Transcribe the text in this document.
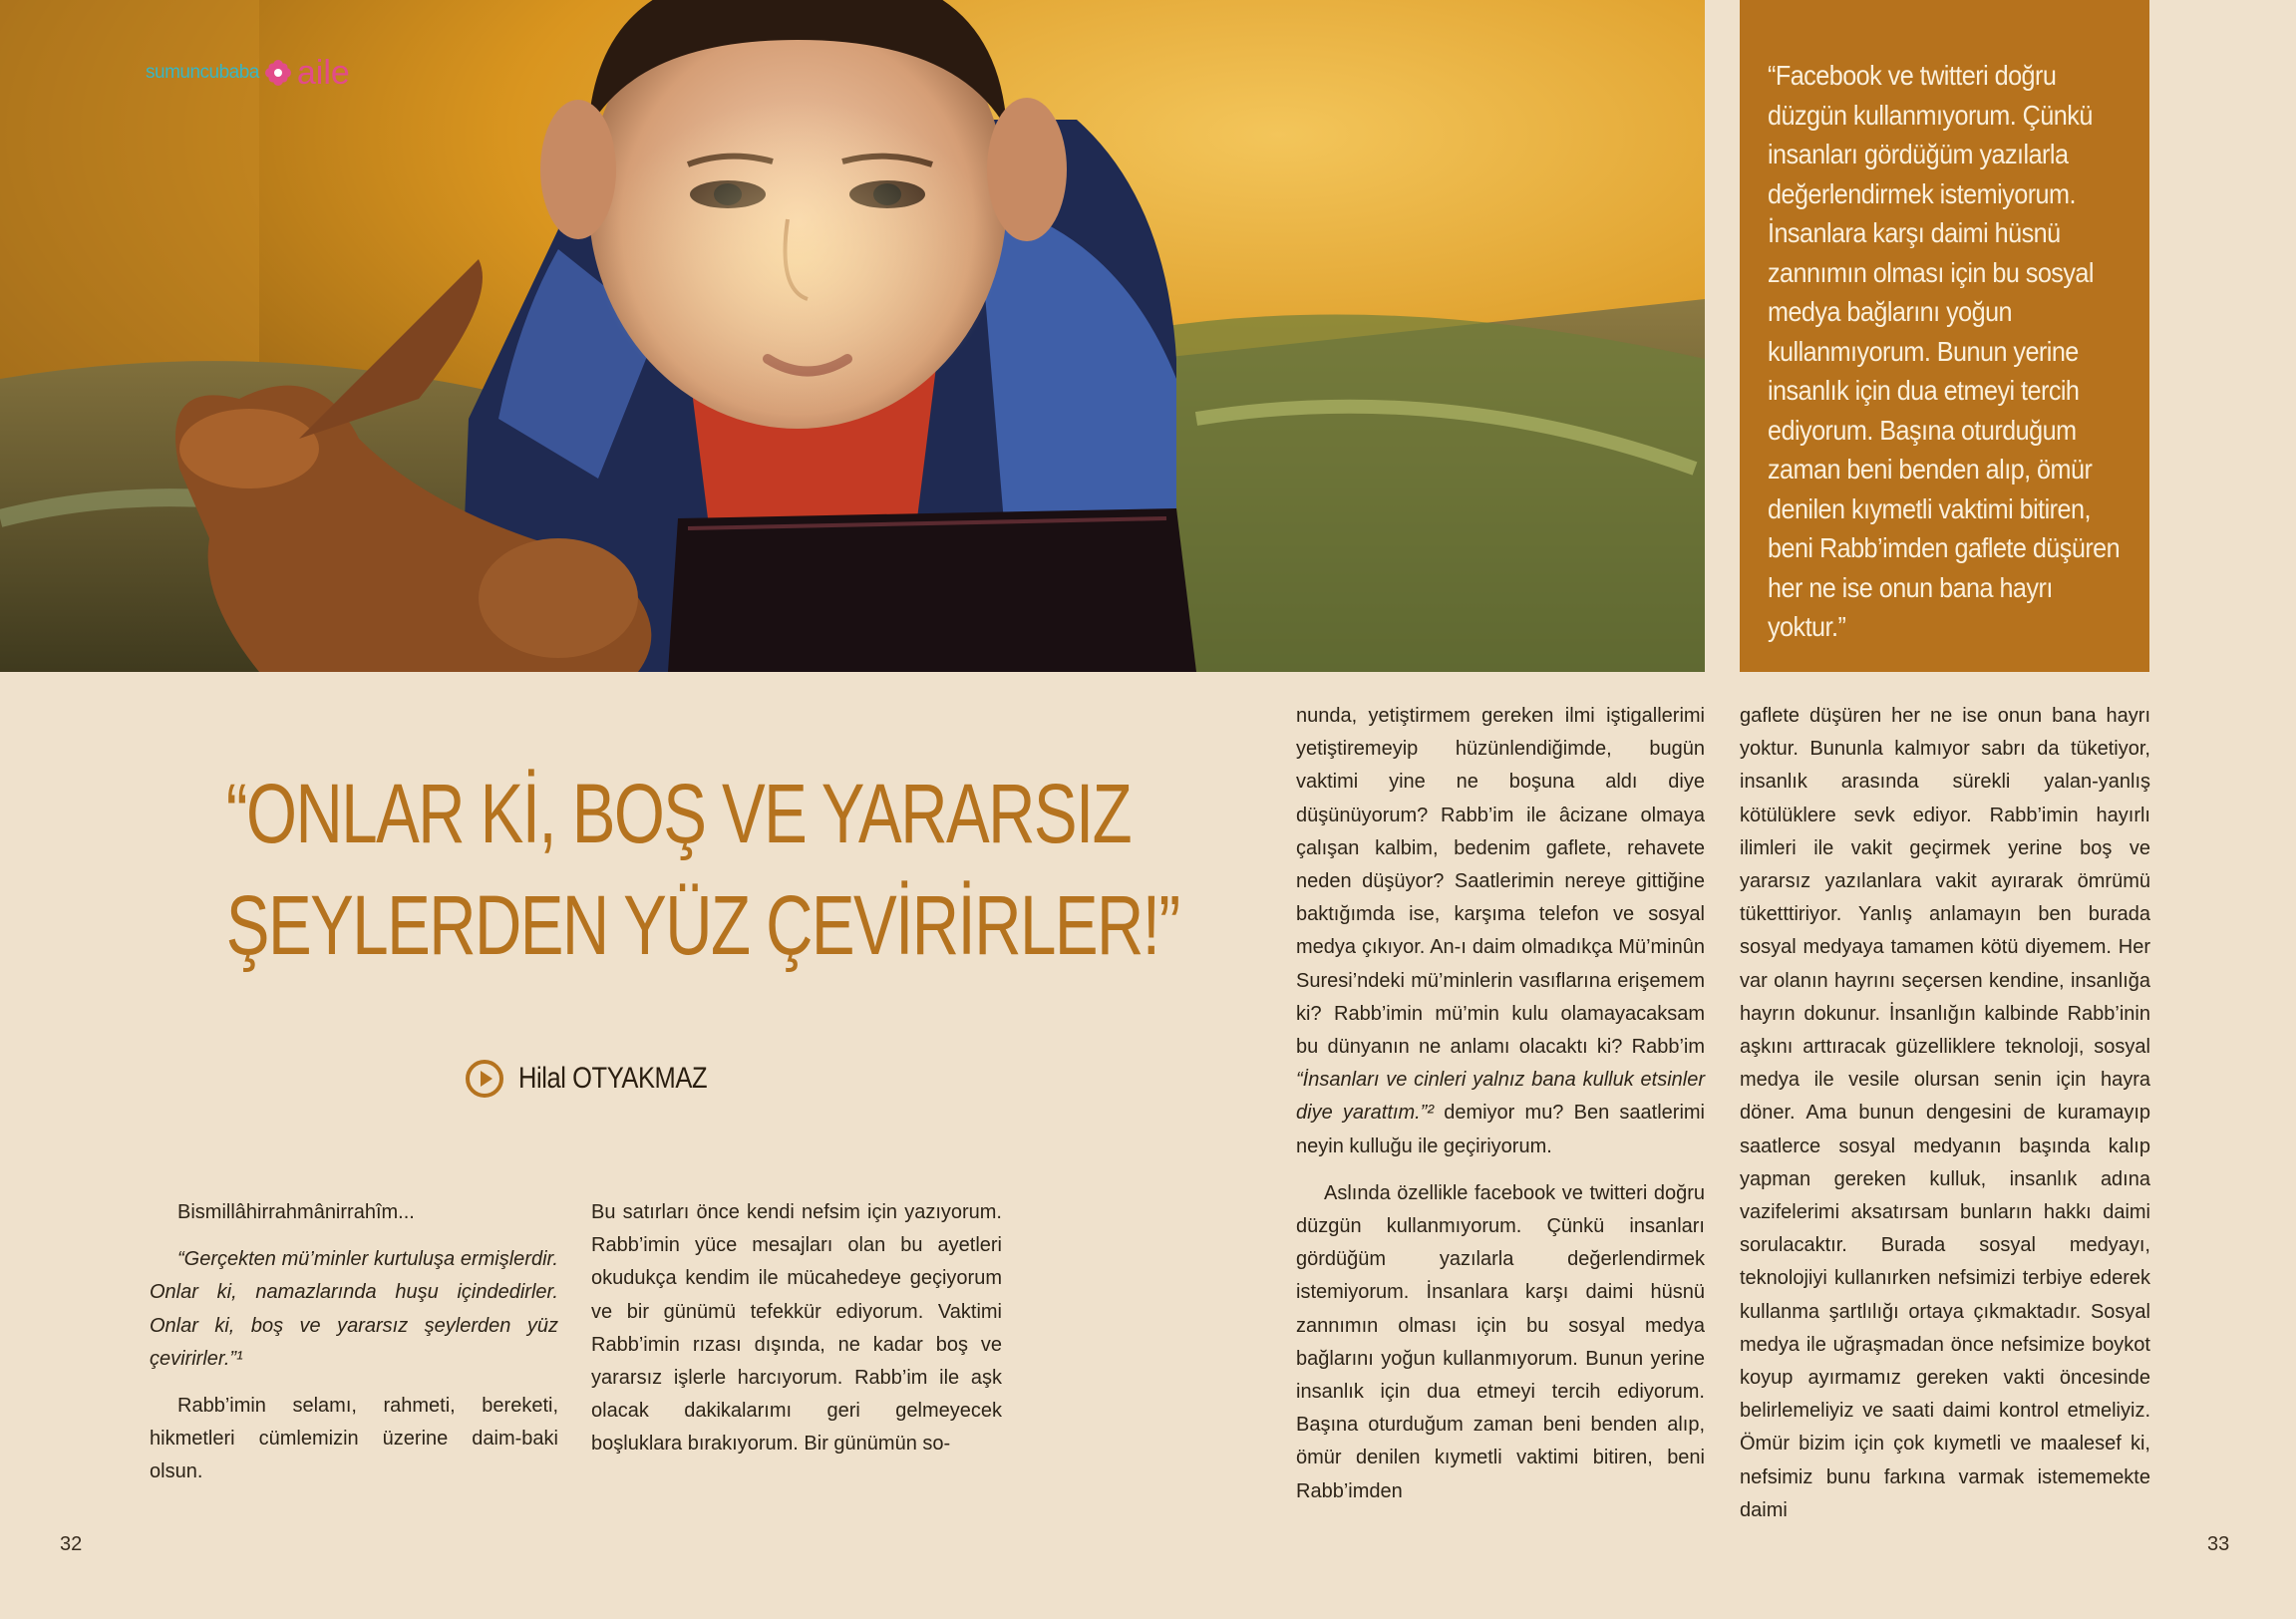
sumuncubaba aile	“Facebook ve twitteri doğru düzgün kullanmıyorum. Çünkü insanları gördüğüm yazılarla değerlendirmek istemiyorum. İnsanlara karşı daimi hüsnü zannımın olması için bu sosyal medya bağlarını yoğun kullanmıyorum. Bunun yerine insanlık için dua etmeyi tercih ediyorum. Başına oturduğum zaman beni benden alıp, ömür denilen kıymetli vaktimi bitiren, beni Rabb’imden gaflete düşüren her ne ise onun bana hayrı yoktur.”

“ONLAR Kİ, BOŞ VE YARARSIZ
ŞEYLERDEN YÜZ ÇEVİRİRLER!”
Hilal OTYAKMAZ

Bismillâhirrahmânirrahîm...

“Gerçekten mü’minler kurtuluşa ermişlerdir. Onlar ki, namazlarında huşu içindedirler. Onlar ki, boş ve yararsız şeylerden yüz çevirirler.”¹

Rabb’imin selamı, rahmeti, bereketi, hikmetleri cümlemizin üzerine daim-baki olsun.

Bu satırları önce kendi nefsim için yazıyorum. Rabb’imin yüce mesajları olan bu ayetleri okudukça kendim ile mücahedeye geçiyorum ve bir günümü tefekkür ediyorum. Vaktimi Rabb’imin rızası dışında, ne kadar boş ve yararsız işlerle harcıyorum. Rabb’im ile aşk olacak dakikalarımı geri gelmeyecek boşluklara bırakıyorum. Bir günümün so-

nunda, yetiştirmem gereken ilmi iştigallerimi yetiştiremeyip hüzünlendiğimde, bugün vaktimi yine ne boşuna aldı diye düşünüyorum? Rabb’im ile âcizane olmaya çalışan kalbim, bedenim gaflete, rehavete neden düşüyor? Saatlerimin nereye gittiğine baktığımda ise, karşıma telefon ve sosyal medya çıkıyor. An-ı daim olmadıkça Mü’minûn Suresi’ndeki mü’minlerin vasıflarına erişemem ki? Rabb’imin mü’min kulu olamayacaksam bu dünyanın ne anlamı olacaktı ki? Rabb’im “İnsanları ve cinleri yalnız bana kulluk etsinler diye yarattım.”² demiyor mu? Ben saatlerimi neyin kulluğu ile geçiriyorum.

Aslında özellikle facebook ve twitteri doğru düzgün kullanmıyorum. Çünkü insanları gördüğüm yazılarla değerlendirmek istemiyorum. İnsanlara karşı daimi hüsnü zannımın olması için bu sosyal medya bağlarını yoğun kullanmıyorum. Bunun yerine insanlık için dua etmeyi tercih ediyorum. Başına oturduğum zaman beni benden alıp, ömür denilen kıymetli vaktimi bitiren, beni Rabb’imden

gaflete düşüren her ne ise onun bana hayrı yoktur. Bununla kalmıyor sabrı da tüketiyor, insanlık arasında sürekli yalan-yanlış kötülüklere sevk ediyor. Rabb’imin hayırlı ilimleri ile vakit geçirmek yerine boş ve yararsız yazılanlara vakit ayırarak ömrümü tüketttiriyor. Yanlış anlamayın ben burada sosyal medyaya tamamen kötü diyemem. Her var olanın hayrını seçersen kendine, insanlığa hayrın dokunur. İnsanlığın kalbinde Rabb’inin aşkını arttıracak güzelliklere teknoloji, sosyal medya ile vesile olursan senin için hayra döner. Ama bunun dengesini de kuramayıp saatlerce sosyal medyanın başında kalıp yapman gereken kulluk, insanlık adına vazifelerimi aksatırsam bunların hakkı daimi sorulacaktır. Burada sosyal medyayı, teknolojiyi kullanırken nefsimizi terbiye ederek kullanma şartlılığı ortaya çıkmaktadır. Sosyal medya ile uğraşmadan önce nefsimize boykot koyup ayırmamız gereken vakti öncesinde belirlemeliyiz ve saati daimi kontrol etmeliyiz. Ömür bizim için çok kıymetli ve maalesef ki, nefsimiz bunu farkına varmak istememekte daimi

32	33
